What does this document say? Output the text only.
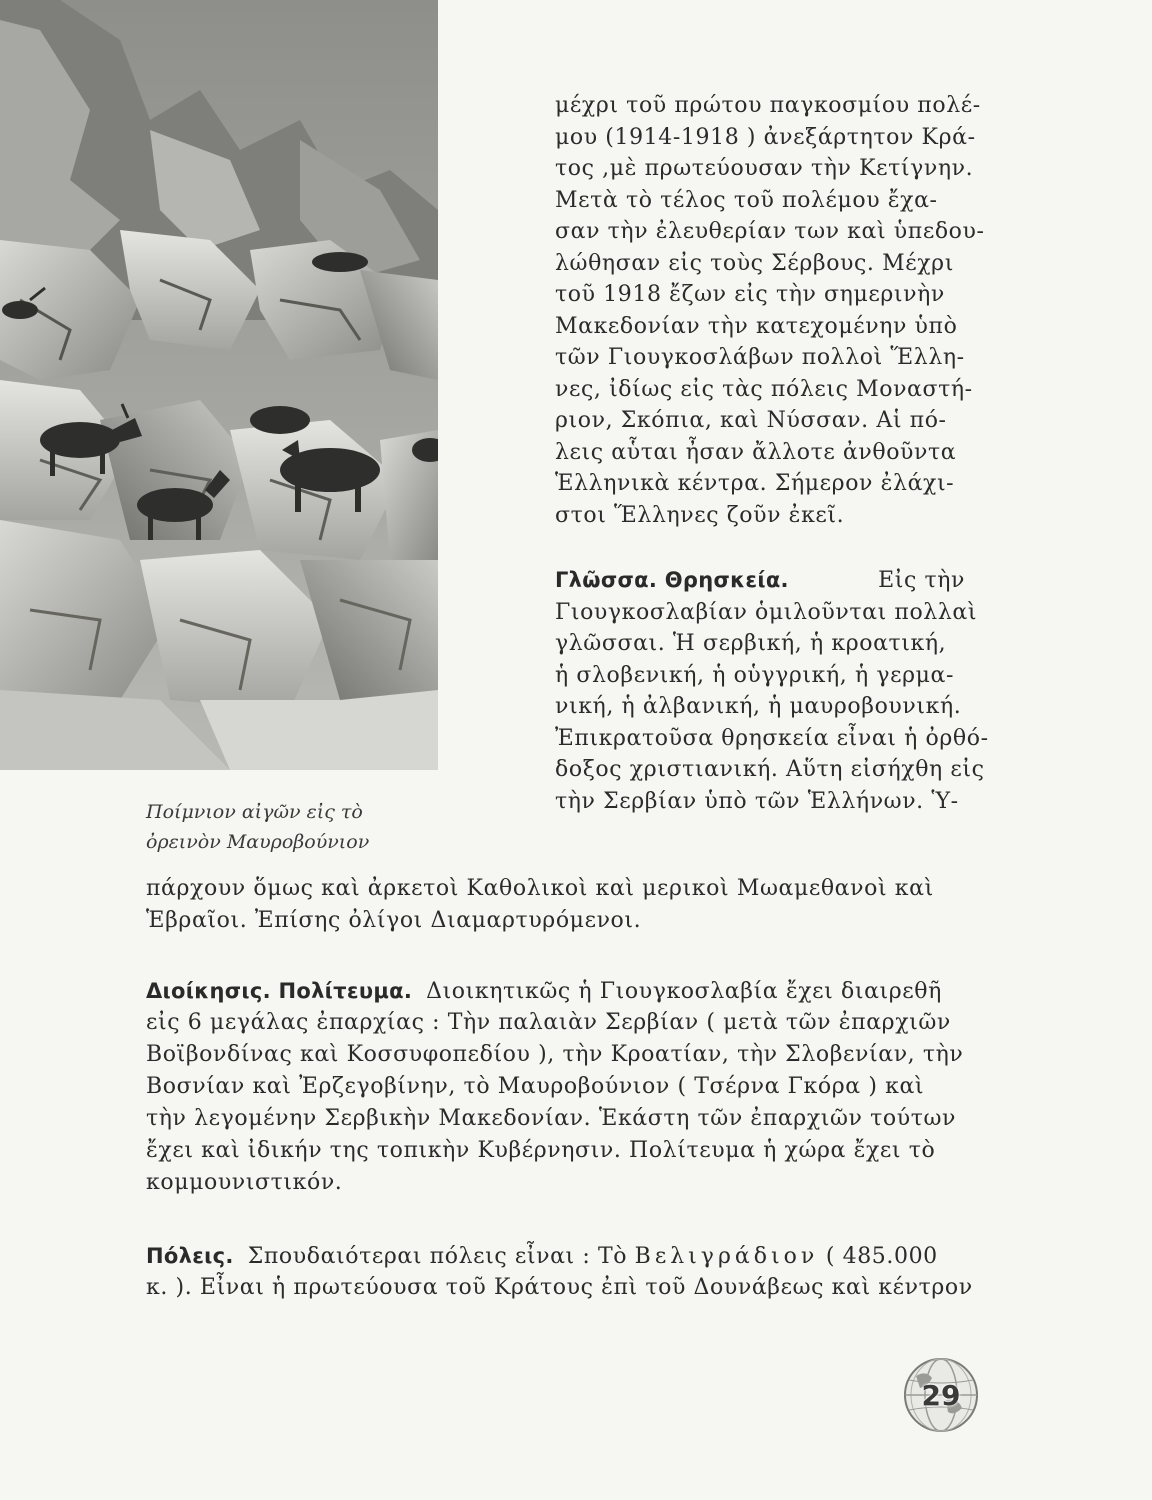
Ποίμνιον αἰγῶν εἰς τὸ
ὀρεινὸν Μαυροβούνιον
μέχρι τοῦ πρώτου παγκοσμίου πολέ-
μου (1914-1918 ) ἀνεξάρτητον Κρά-
τος ,μὲ πρωτεύουσαν τὴν Κετίγνην.
Μετὰ τὸ τέλος τοῦ πολέμου ἔχα-
σαν τὴν ἐλευθερίαν των καὶ ὑπεδου-
λώθησαν εἰς τοὺς Σέρβους. Μέχρι
τοῦ 1918 ἔζων εἰς τὴν σημερινὴν
Μακεδονίαν τὴν κατεχομένην ὑπὸ
τῶν Γιουγκοσλάβων πολλοὶ Ἕλλη-
νες, ἰδίως εἰς τὰς πόλεις Μοναστή-
ριον, Σκόπια, καὶ Νύσσαν. Αἱ πό-
λεις αὗται ἦσαν ἄλλοτε ἀνθοῦντα
Ἑλληνικὰ κέντρα. Σήμερον ἐλάχι-
στοι Ἕλληνες ζοῦν ἐκεῖ.
Γλῶσσα. Θρησκεία.	Εἰς τὴν
Γιουγκοσλαβίαν ὁμιλοῦνται πολλαὶ
γλῶσσαι. Ἡ σερβική, ἡ κροατική,
ἡ σλοβενική, ἡ οὑγγρική, ἡ γερμα-
νική, ἡ ἀλβανική, ἡ μαυροβουνική.
Ἐπικρατοῦσα θρησκεία εἶναι ἡ ὀρθό-
δοξος χριστιανική. Αὕτη εἰσήχθη εἰς
τὴν Σερβίαν ὑπὸ τῶν Ἑλλήνων. Ὑ-
πάρχουν ὅμως καὶ ἀρκετοὶ Καθολικοὶ καὶ μερικοὶ Μωαμεθανοὶ καὶ
Ἑβραῖοι. Ἐπίσης ὀλίγοι Διαμαρτυρόμενοι.
Διοίκησις. Πολίτευμα. Διοικητικῶς ἡ Γιουγκοσλαβία ἔχει διαιρεθῆ
εἰς 6 μεγάλας ἐπαρχίας : Τὴν παλαιὰν Σερβίαν ( μετὰ τῶν ἐπαρχιῶν
Βοϊβονδίνας καὶ Κοσσυφοπεδίου ), τὴν Κροατίαν, τὴν Σλοβενίαν, τὴν
Βοσνίαν καὶ Ἐρζεγοβίνην, τὸ Μαυροβούνιον ( Τσέρνα Γκόρα ) καὶ
τὴν λεγομένην Σερβικὴν Μακεδονίαν. Ἑκάστη τῶν ἐπαρχιῶν τούτων
ἔχει καὶ ἰδικήν της τοπικὴν Κυβέρνησιν. Πολίτευμα ἡ χώρα ἔχει τὸ
κομμουνιστικόν.
Πόλεις. Σπουδαιότεραι πόλεις εἶναι : Τὸ Βελιγράδιον ( 485.000
κ. ). Εἶναι ἡ πρωτεύουσα τοῦ Κράτους ἐπὶ τοῦ Δουνάβεως καὶ κέντρον
29
